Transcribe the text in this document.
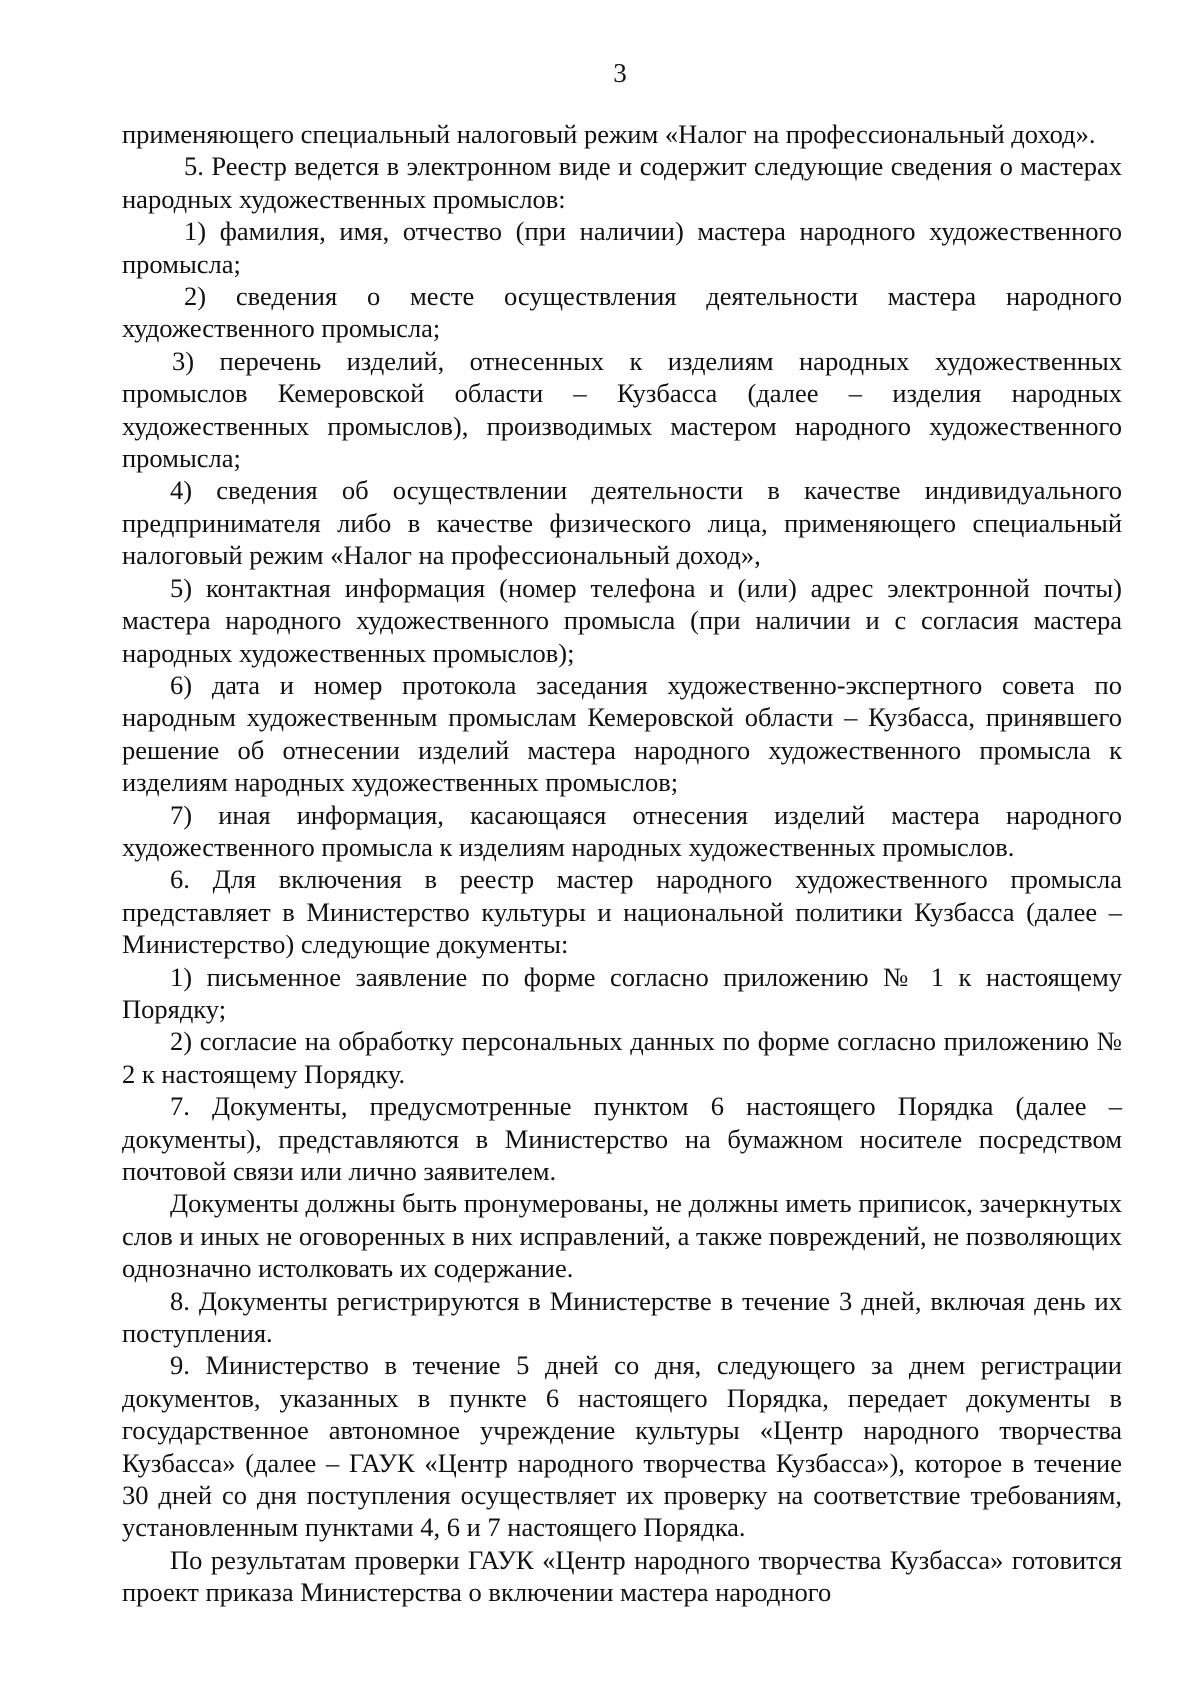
3

применяющего специальный налоговый режим «Налог на профессиональный доход».

5. Реестр ведется в электронном виде и содержит следующие сведения о мастерах народных художественных промыслов:

1) фамилия, имя, отчество (при наличии) мастера народного художественного промысла;

2) сведения о месте осуществления деятельности мастера народного художественного промысла;

3) перечень изделий, отнесенных к изделиям народных художественных промыслов Кемеровской области – Кузбасса (далее – изделия народных художественных промыслов), производимых мастером народного художественного промысла;

4) сведения об осуществлении деятельности в качестве индивидуального предпринимателя либо в качестве физического лица, применяющего специальный налоговый режим «Налог на профессиональный доход»,

5) контактная информация (номер телефона и (или) адрес электронной почты) мастера народного художественного промысла (при наличии и с согласия мастера народных художественных промыслов);

6) дата и номер протокола заседания художественно-экспертного совета по народным художественным промыслам Кемеровской области – Кузбасса, принявшего решение об отнесении изделий мастера народного художественного промысла к изделиям народных художественных промыслов;

7) иная информация, касающаяся отнесения изделий мастера народного художественного промысла к изделиям народных художественных промыслов.

6. Для включения в реестр мастер народного художественного промысла представляет в Министерство культуры и национальной политики Кузбасса (далее – Министерство) следующие документы:

1) письменное заявление по форме согласно приложению № 1 к настоящему Порядку;

2) согласие на обработку персональных данных по форме согласно приложению № 2 к настоящему Порядку.

7. Документы, предусмотренные пунктом 6 настоящего Порядка (далее – документы), представляются в Министерство на бумажном носителе посредством почтовой связи или лично заявителем.

Документы должны быть пронумерованы, не должны иметь приписок, зачеркнутых слов и иных не оговоренных в них исправлений, а также повреждений, не позволяющих однозначно истолковать их содержание.

8. Документы регистрируются в Министерстве в течение 3 дней, включая день их поступления.

9. Министерство в течение 5 дней со дня, следующего за днем регистрации документов, указанных в пункте 6 настоящего Порядка, передает документы в государственное автономное учреждение культуры «Центр народного творчества Кузбасса» (далее – ГАУК «Центр народного творчества Кузбасса»), которое в течение 30 дней со дня поступления осуществляет их проверку на соответствие требованиям, установленным пунктами 4, 6 и 7 настоящего Порядка.

По результатам проверки ГАУК «Центр народного творчества Кузбасса» готовится проект приказа Министерства о включении мастера народного
